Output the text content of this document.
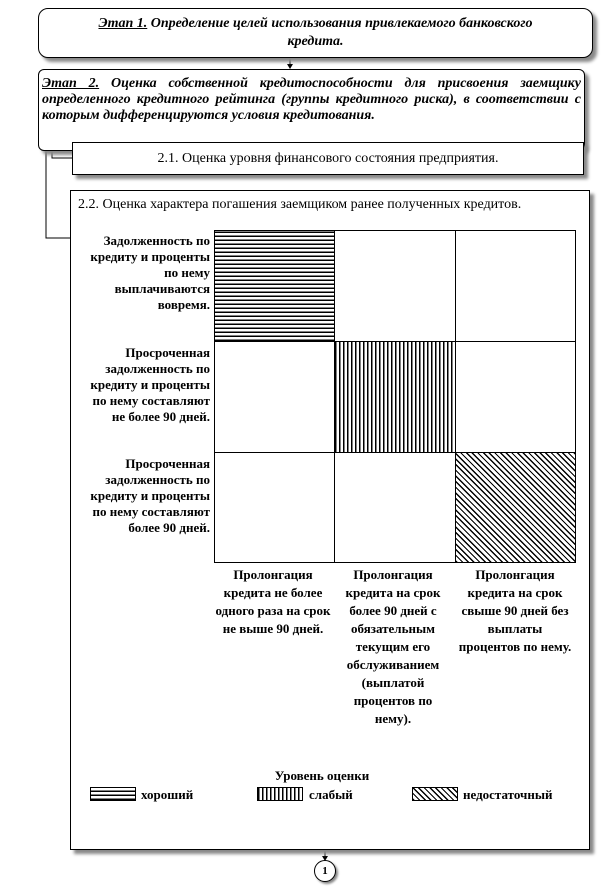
Этап 1. Определение целей использования привлекаемого банковского кредита.
Этап 2. Оценка собственной кредитоспособности для присвоения заемщику определенного кредитного рейтинга (группы кредитного риска), в соответствии с которым дифференцируются условия кредитования.
2.1. Оценка уровня финансового состояния предприятия.
2.2. Оценка характера погашения заемщиком ранее полученных кредитов.
Задолженность по кредиту и проценты по нему выплачиваются вовремя.
Просроченная задолженность по кредиту и проценты по нему составляют не более 90 дней.
Просроченная задолженность по кредиту и проценты по нему составляют более 90 дней.
Пролонгация кредита не более одного раза на срок не выше 90 дней.
Пролонгация кредита на срок более 90 дней с обязательным текущим его обслуживанием (выплатой процентов по нему).
Пролонгация кредита на срок свыше 90 дней без выплаты процентов по нему.
Уровень оценки
хороший	слабый	недостаточный
1
